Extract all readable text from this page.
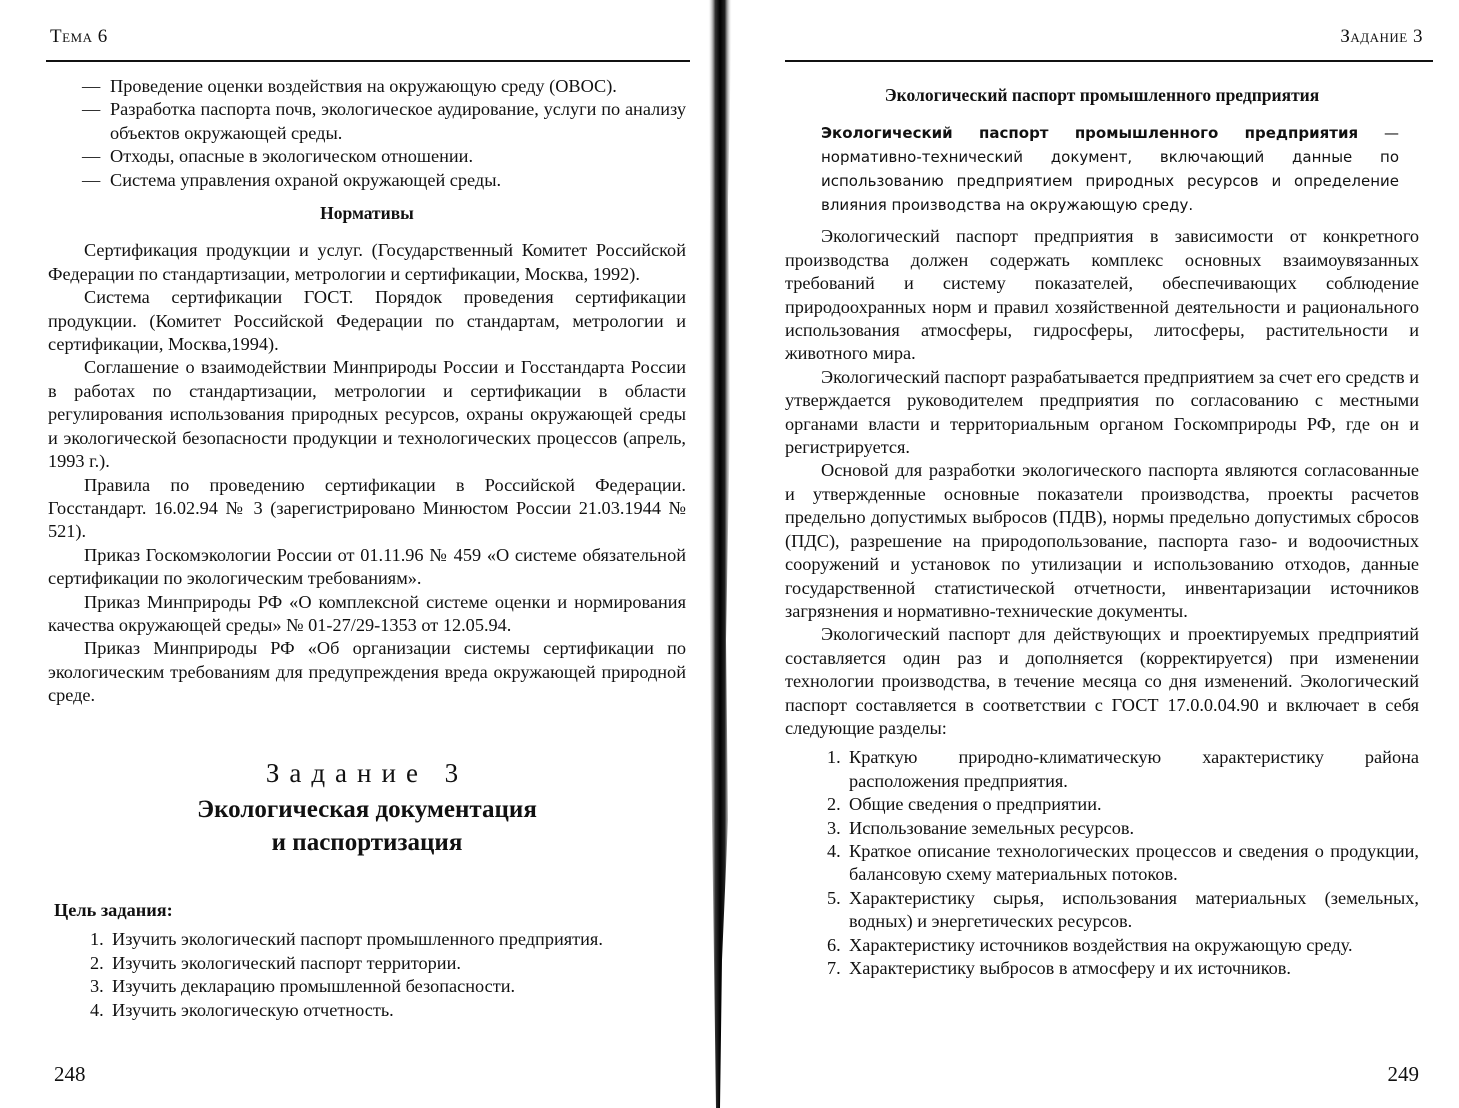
Тема 6
— Проведение оценки воздействия на окружающую среду (ОВОС).
— Разработка паспорта почв, экологическое аудирование, услуги по анализу объектов окружающей среды.
— Отходы, опасные в экологическом отношении.
— Система управления охраной окружающей среды.
Нормативы

Сертификация продукции и услуг. (Государственный Комитет Российской Федерации по стандартизации, метрологии и сертификации, Москва, 1992).

Система сертификации ГОСТ. Порядок проведения сертификации продукции. (Комитет Российской Федерации по стандартам, метрологии и сертификации, Москва,1994).

Соглашение о взаимодействии Минприроды России и Госстандарта России в работах по стандартизации, метрологии и сертификации в области регулирования использования природных ресурсов, охраны окружающей среды и экологической безопасности продукции и технологических процессов (апрель, 1993 г.).

Правила по проведению сертификации в Российской Федерации. Госстандарт. 16.02.94 № 3 (зарегистрировано Минюстом России 21.03.1944 № 521).

Приказ Госкомэкологии России от 01.11.96 № 459 «О системе обязательной сертификации по экологическим требованиям».

Приказ Минприроды РФ «О комплексной системе оценки и нормирования качества окружающей среды» № 01-27/29-1353 от 12.05.94.

Приказ Минприроды РФ «Об организации системы сертификации по экологическим требованиям для предупреждения вреда окружающей природной среде.

Задание 3
Экологическая документация
и паспортизация
Цель задания:
1. Изучить экологический паспорт промышленного предприятия.
2. Изучить экологический паспорт территории.
3. Изучить декларацию промышленной безопасности.
4. Изучить экологическую отчетность.
248
Задание 3
Экологический паспорт промышленного предприятия
Экологический паспорт промышленного предприятия — нормативно-технический документ, включающий данные по использованию предприятием природных ресурсов и определение влияния производства на окружающую среду.

Экологический паспорт предприятия в зависимости от конкретного производства должен содержать комплекс основных взаимоувязанных требований и систему показателей, обеспечивающих соблюдение природоохранных норм и правил хозяйственной деятельности и рационального использования атмосферы, гидросферы, литосферы, растительности и животного мира.

Экологический паспорт разрабатывается предприятием за счет его средств и утверждается руководителем предприятия по согласованию с местными органами власти и территориальным органом Госкомприроды РФ, где он и регистрируется.

Основой для разработки экологического паспорта являются согласованные и утвержденные основные показатели производства, проекты расчетов предельно допустимых выбросов (ПДВ), нормы предельно допустимых сбросов (ПДС), разрешение на природопользование, паспорта газо- и водоочистных сооружений и установок по утилизации и использованию отходов, данные государственной статистической отчетности, инвентаризации источников загрязнения и нормативно-технические документы.

Экологический паспорт для действующих и проектируемых предприятий составляется один раз и дополняется (корректируется) при изменении технологии производства, в течение месяца со дня изменений. Экологический паспорт составляется в соответствии с ГОСТ 17.0.0.04.90 и включает в себя следующие разделы:

1. Краткую природно-климатическую характеристику района расположения предприятия.
2. Общие сведения о предприятии.
3. Использование земельных ресурсов.
4. Краткое описание технологических процессов и сведения о продукции, балансовую схему материальных потоков.
5. Характеристику сырья, использования материальных (земельных, водных) и энергетических ресурсов.
6. Характеристику источников воздействия на окружающую среду.
7. Характеристику выбросов в атмосферу и их источников.
249
